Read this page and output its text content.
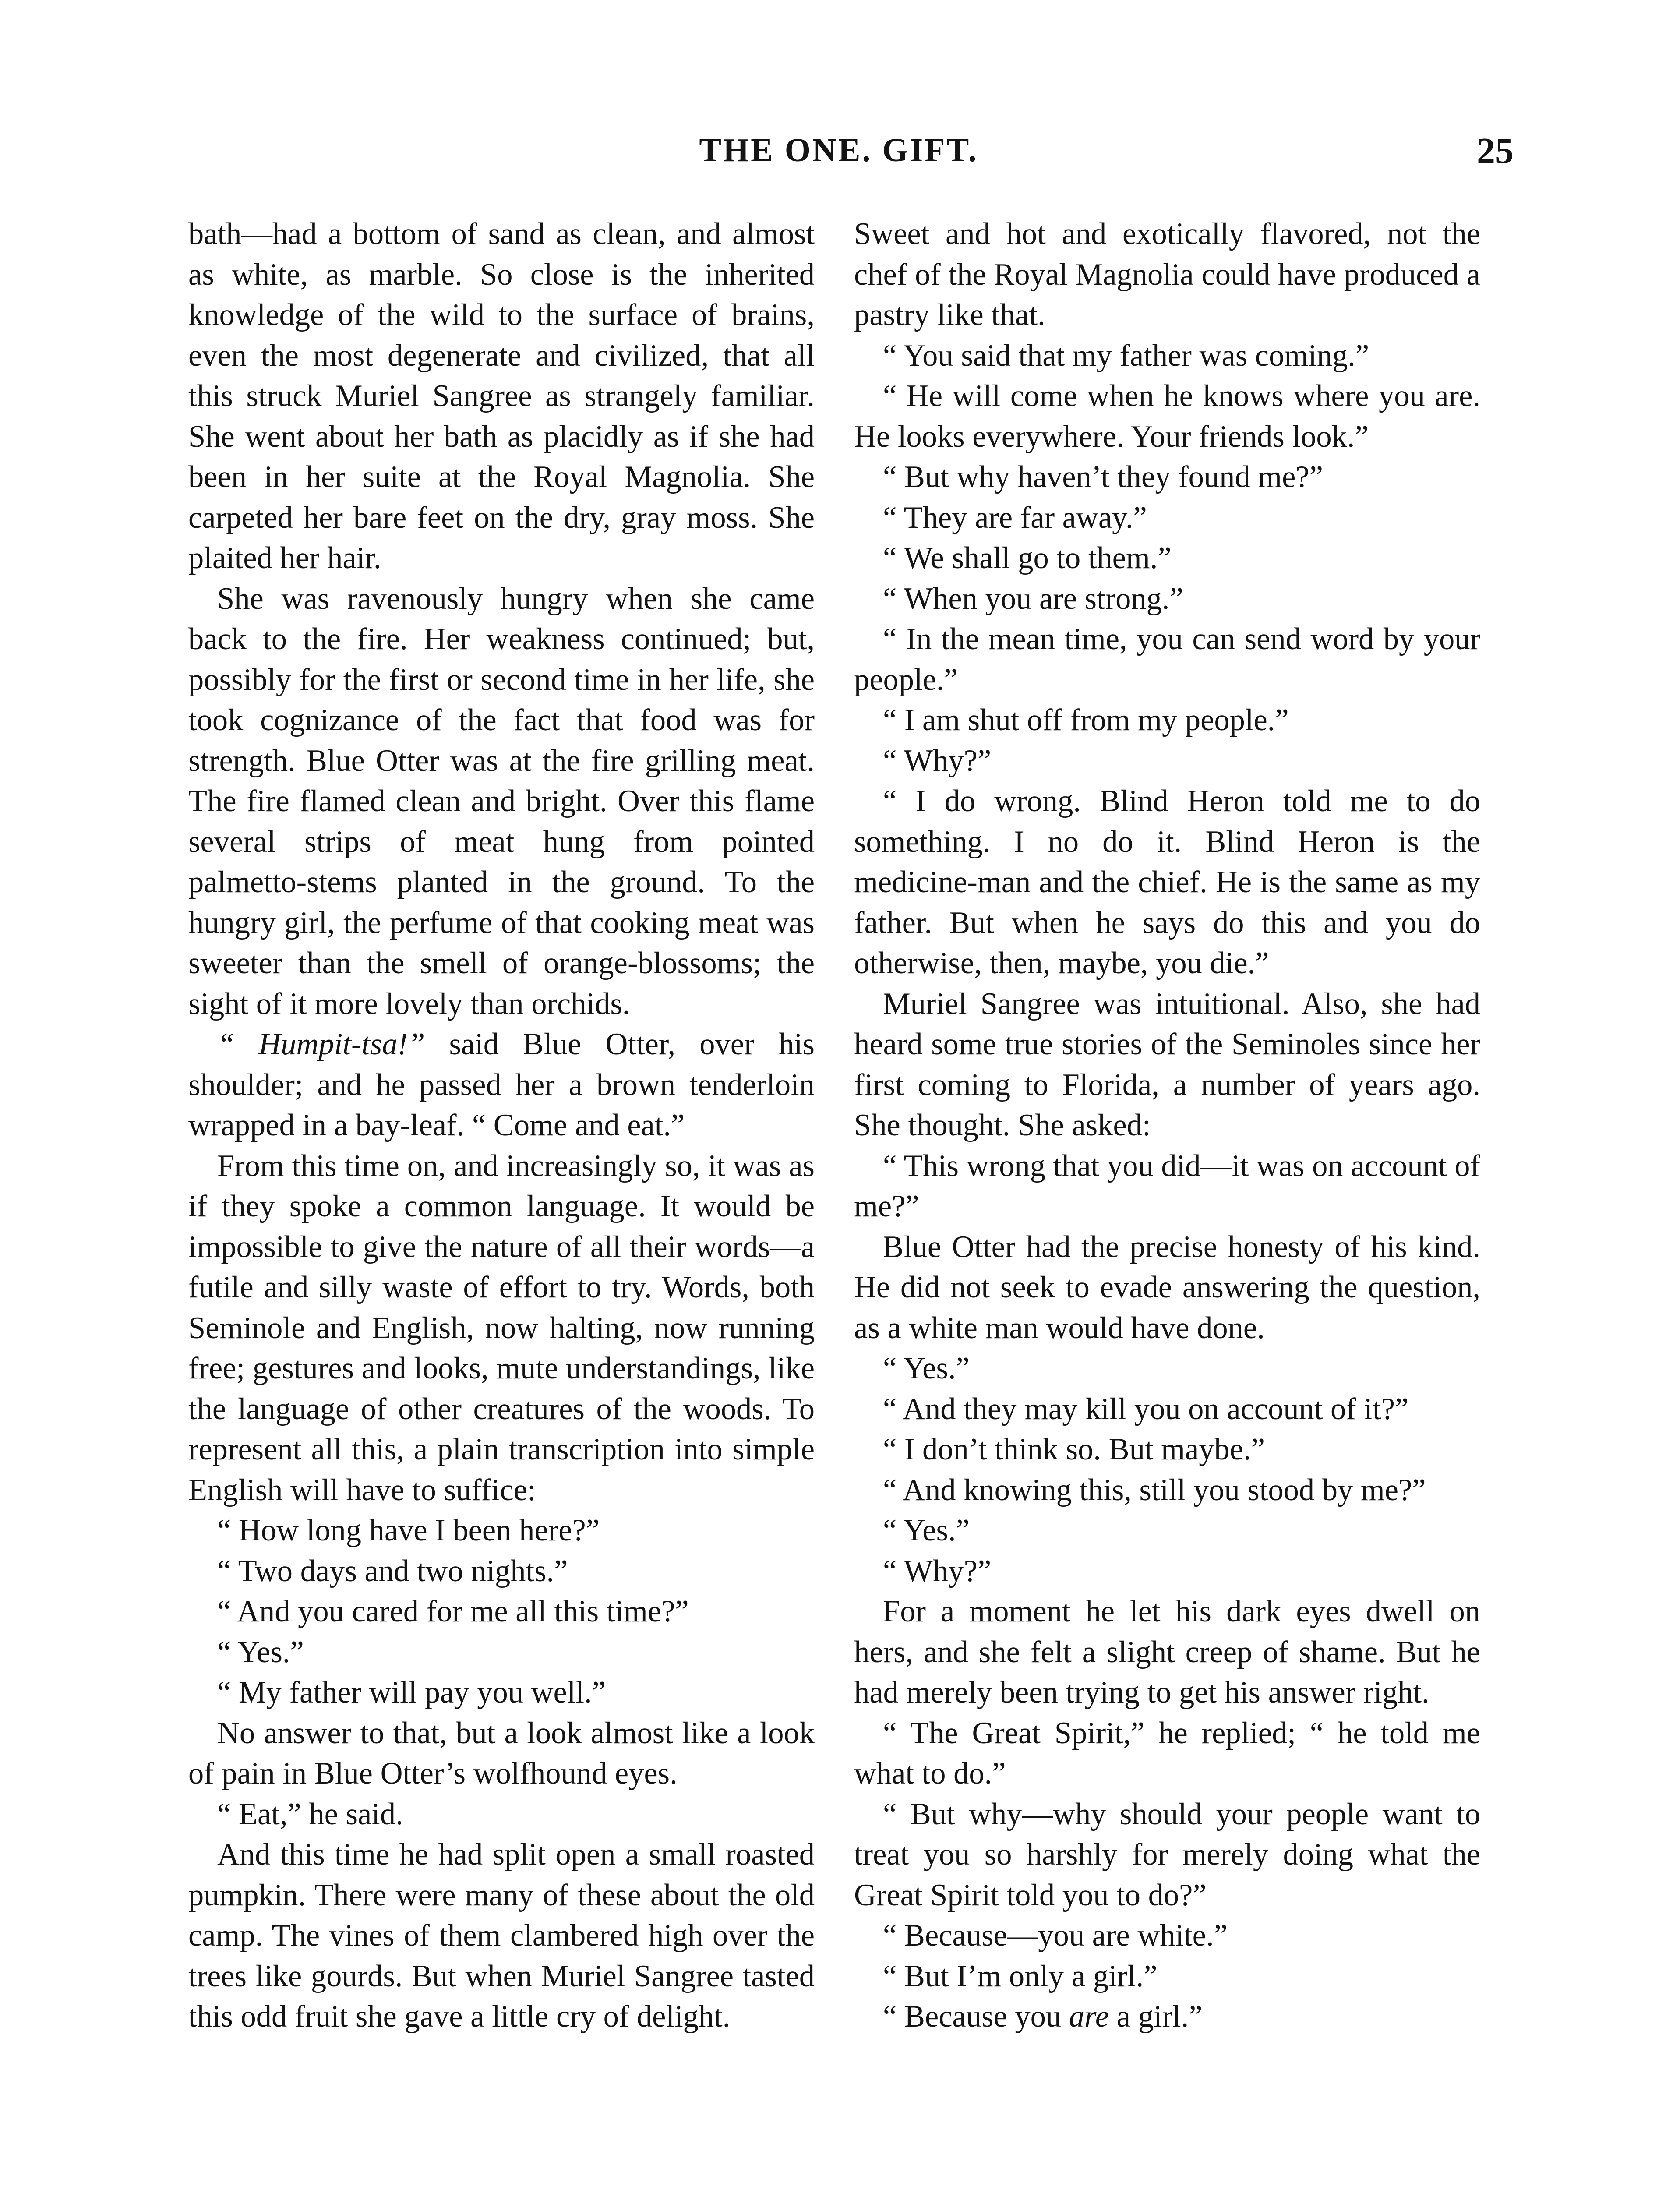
THE ONE. GIFT.	25

bath—had a bottom of sand as clean, and almost as white, as marble. So close is the inherited knowledge of the wild to the surface of brains, even the most degenerate and civilized, that all this struck Muriel Sangree as strangely familiar. She went about her bath as placidly as if she had been in her suite at the Royal Magnolia. She carpeted her bare feet on the dry, gray moss. She plaited her hair.

She was ravenously hungry when she came back to the fire. Her weakness continued; but, possibly for the first or second time in her life, she took cognizance of the fact that food was for strength. Blue Otter was at the fire grilling meat. The fire flamed clean and bright. Over this flame several strips of meat hung from pointed palmetto-stems planted in the ground. To the hungry girl, the perfume of that cooking meat was sweeter than the smell of orange-blossoms; the sight of it more lovely than orchids.

“ Humpit-tsa!” said Blue Otter, over his shoulder; and he passed her a brown tenderloin wrapped in a bay-leaf. “ Come and eat.”

From this time on, and increasingly so, it was as if they spoke a common language. It would be impossible to give the nature of all their words—a futile and silly waste of effort to try. Words, both Seminole and English, now halting, now running free; gestures and looks, mute understandings, like the language of other creatures of the woods. To represent all this, a plain transcription into simple English will have to suffice:

“ How long have I been here?”

“ Two days and two nights.”

“ And you cared for me all this time?”

“ Yes.”

“ My father will pay you well.”

No answer to that, but a look almost like a look of pain in Blue Otter’s wolfhound eyes.

“ Eat,” he said.

And this time he had split open a small roasted pumpkin. There were many of these about the old camp. The vines of them clambered high over the trees like gourds. But when Muriel Sangree tasted this odd fruit she gave a little cry of delight.

Sweet and hot and exotically flavored, not the chef of the Royal Magnolia could have produced a pastry like that.

“ You said that my father was coming.”

“ He will come when he knows where you are. He looks everywhere. Your friends look.”

“ But why haven’t they found me?”

“ They are far away.”

“ We shall go to them.”

“ When you are strong.”

“ In the mean time, you can send word by your people.”

“ I am shut off from my people.”

“ Why?”

“ I do wrong. Blind Heron told me to do something. I no do it. Blind Heron is the medicine-man and the chief. He is the same as my father. But when he says do this and you do otherwise, then, maybe, you die.”

Muriel Sangree was intuitional. Also, she had heard some true stories of the Seminoles since her first coming to Florida, a number of years ago. She thought. She asked:

“ This wrong that you did—it was on account of me?”

Blue Otter had the precise honesty of his kind. He did not seek to evade answering the question, as a white man would have done.

“ Yes.”

“ And they may kill you on account of it?”

“ I don’t think so. But maybe.”

“ And knowing this, still you stood by me?”

“ Yes.”

“ Why?”

For a moment he let his dark eyes dwell on hers, and she felt a slight creep of shame. But he had merely been trying to get his answer right.

“ The Great Spirit,” he replied; “ he told me what to do.”

“ But why—why should your people want to treat you so harshly for merely doing what the Great Spirit told you to do?”

“ Because—you are white.”

“ But I’m only a girl.”

“ Because you are a girl.”
